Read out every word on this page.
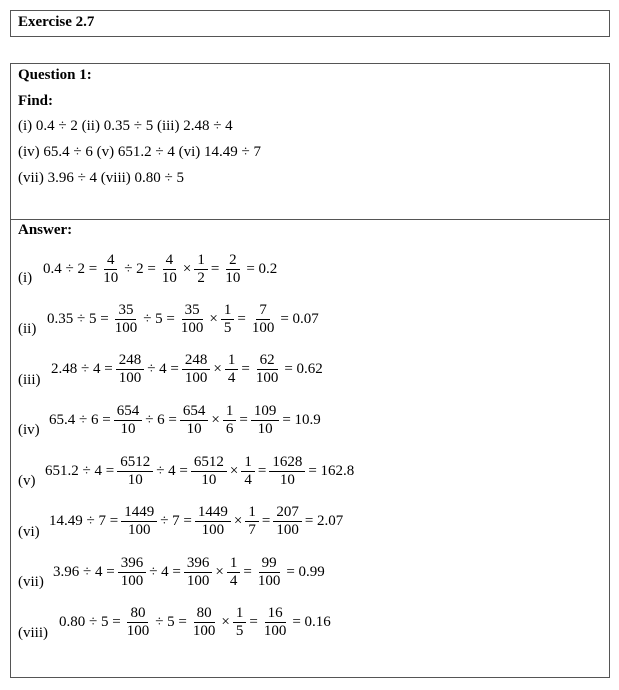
Exercise 2.7
Question 1:
Find:
(i) 0.4 ÷ 2 (ii) 0.35 ÷ 5 (iii) 2.48 ÷ 4
(iv) 65.4 ÷ 6 (v) 651.2 ÷ 4 (vi) 14.49 ÷ 7
(vii) 3.96 ÷ 4 (viii) 0.80 ÷ 5
Answer:
(i)
$0.4 \div 2 = \frac{4}{10} \div 2 = \frac{4}{10} \times \frac{1}{2} = \frac{2}{10} = 0.2$
(ii)
$0.35 \div 5 = \frac{35}{100} \div 5 = \frac{35}{100} \times \frac{1}{5} = \frac{7}{100} = 0.07$
(iii)
$2.48 \div 4 = \frac{248}{100} \div 4 = \frac{248}{100} \times \frac{1}{4} = \frac{62}{100} = 0.62$
(iv)
$65.4 \div 6 = \frac{654}{10} \div 6 = \frac{654}{10} \times \frac{1}{6} = \frac{109}{10} = 10.9$
(v)
$651.2 \div 4 = \frac{6512}{10} \div 4 = \frac{6512}{10} \times \frac{1}{4} = \frac{1628}{10} = 162.8$
(vi)
$14.49 \div 7 = \frac{1449}{100} \div 7 = \frac{1449}{100} \times \frac{1}{7} = \frac{207}{100} = 2.07$
(vii)
$3.96 \div 4 = \frac{396}{100} \div 4 = \frac{396}{100} \times \frac{1}{4} = \frac{99}{100} = 0.99$
(viii)
$0.80 \div 5 = \frac{80}{100} \div 5 = \frac{80}{100} \times \frac{1}{5} = \frac{16}{100} = 0.16$
